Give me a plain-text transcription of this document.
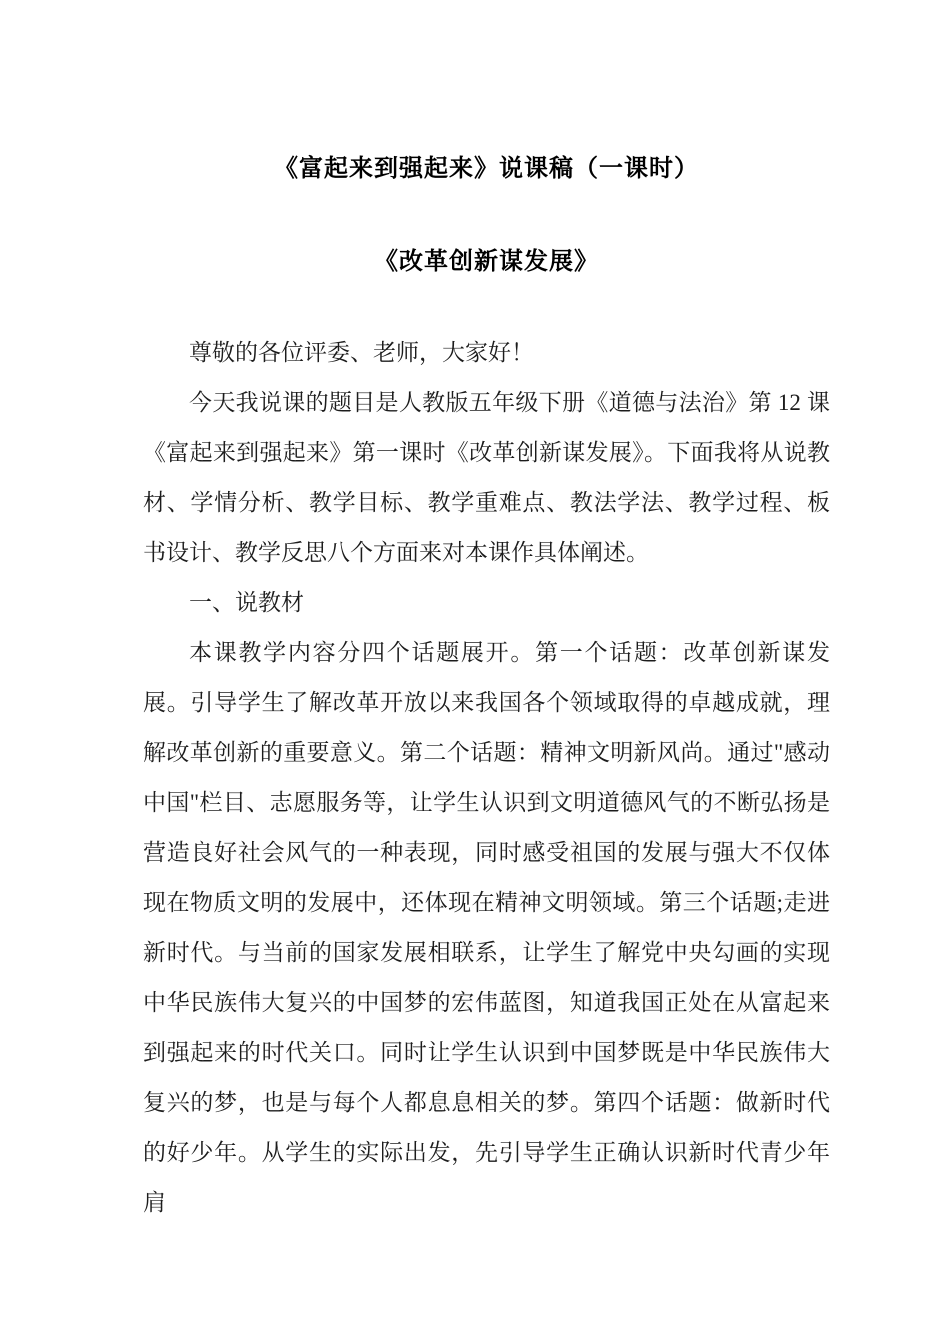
《富起来到强起来》说课稿（一课时）
《改革创新谋发展》

尊敬的各位评委、老师，大家好！

今天我说课的题目是人教版五年级下册《道德与法治》第 12 课《富起来到强起来》第一课时《改革创新谋发展》。下面我将从说教材、学情分析、教学目标、教学重难点、教法学法、教学过程、板书设计、教学反思八个方面来对本课作具体阐述。

一、说教材

本课教学内容分四个话题展开。第一个话题：改革创新谋发展。引导学生了解改革开放以来我国各个领域取得的卓越成就，理解改革创新的重要意义。第二个话题：精神文明新风尚。通过"感动中国"栏目、志愿服务等，让学生认识到文明道德风气的不断弘扬是营造良好社会风气的一种表现，同时感受祖国的发展与强大不仅体现在物质文明的发展中，还体现在精神文明领域。第三个话题;走进新时代。与当前的国家发展相联系，让学生了解党中央勾画的实现中华民族伟大复兴的中国梦的宏伟蓝图，知道我国正处在从富起来到强起来的时代关口。同时让学生认识到中国梦既是中华民族伟大复兴的梦，也是与每个人都息息相关的梦。第四个话题：做新时代的好少年。从学生的实际出发，先引导学生正确认识新时代青少年肩
